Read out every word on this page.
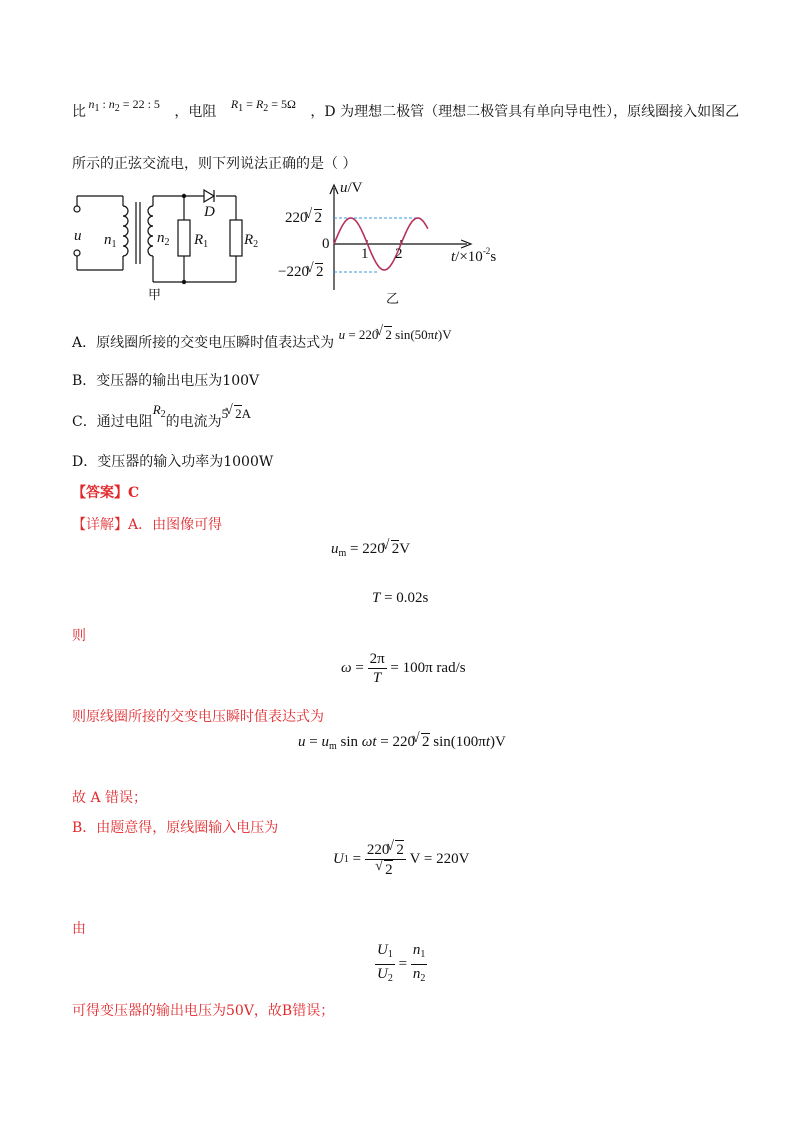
比 $n_1$ : $n_2 = 22$ : 5 ，电阻 $R_1 = R_2 = 5\Omega$ ，D 为理想二极管（理想二极管具有单向导电性），原线圈接入如图乙
所示的正弦交流电，则下列说法正确的是（ ）
u $n_1$	$n_2$
D
$R_1$ $R_2$
甲
u/V
220√ 2
0
−220√ 2
1 2	$t/\times 10^{-2}s$
乙
A．原线圈所接的交变电压瞬时值表达式为 u = 220√ 2 sin(50πt)V
B．变压器的输出电压为100V
C．通过电阻$R_2$的电流为5√ 2A
D．变压器的输入功率为1000W
【答案】C
【详解】A．由图像可得
$u_m = 220√$ 2V
T = 0.02s
则
$\omega = \frac{2\pi}{T} = 100\pi$ rad/s
则原线圈所接的交变电压瞬时值表达式为
$u = u_m$ sin ωt = 220√ 2 sin(100πt)V
故 A 错误；
B．由题意得，原线圈输入电压为
U 1 = 220√ 2
√ 2 V = 220V
由
$\frac{U_1}{U_2} = \frac{n_1}{n_2}$
可得变压器的输出电压为50V，故B错误；
